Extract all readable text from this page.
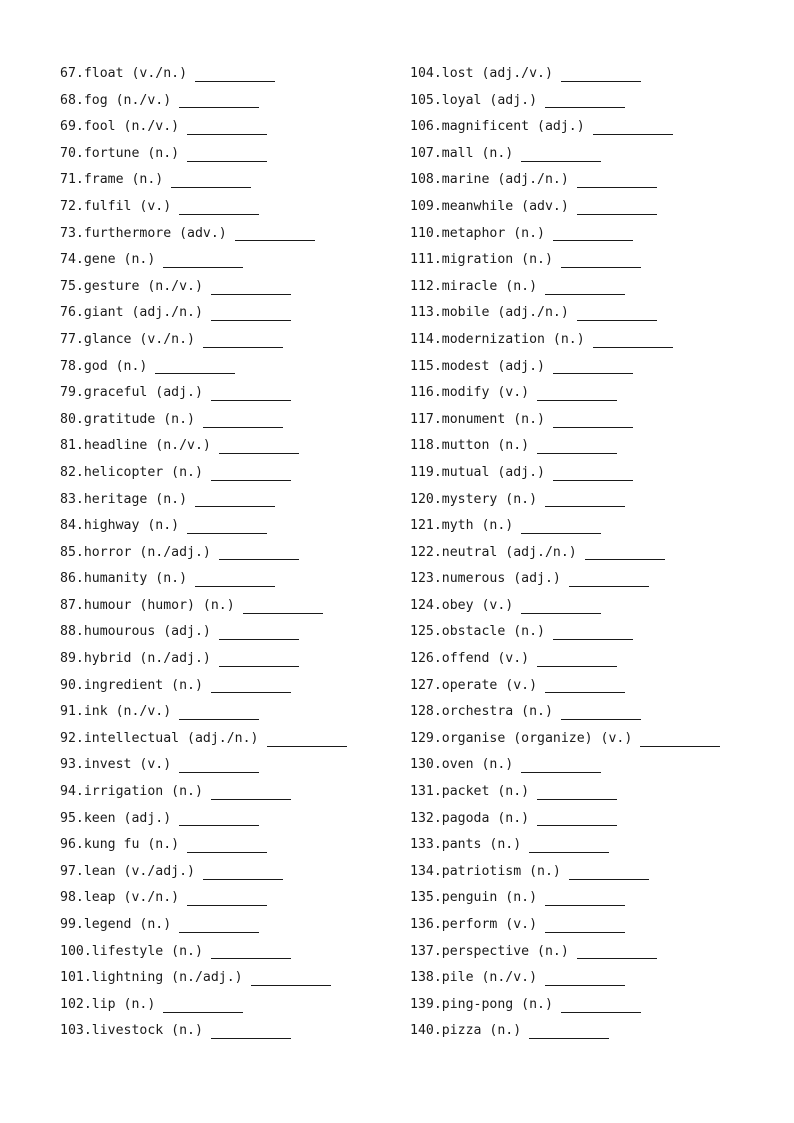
67. float (v./n.)
68. fog (n./v.)
69. fool (n./v.)
70. fortune (n.)
71. frame (n.)
72. fulfil (v.)
73. furthermore (adv.)
74. gene (n.)
75. gesture (n./v.)
76. giant (adj./n.)
77. glance (v./n.)
78. god (n.)
79. graceful (adj.)
80. gratitude (n.)
81. headline (n./v.)
82. helicopter (n.)
83. heritage (n.)
84. highway (n.)
85. horror (n./adj.)
86. humanity (n.)
87. humour (humor) (n.)
88. humourous (adj.)
89. hybrid (n./adj.)
90. ingredient (n.)
91. ink (n./v.)
92. intellectual (adj./n.)
93. invest (v.)
94. irrigation (n.)
95. keen (adj.)
96. kung fu (n.)
97. lean (v./adj.)
98. leap (v./n.)
99. legend (n.)
100. lifestyle (n.)
101. lightning (n./adj.)
102. lip (n.)
103. livestock (n.)
104. lost (adj./v.)
105. loyal (adj.)
106. magnificent (adj.)
107. mall (n.)
108. marine (adj./n.)
109. meanwhile (adv.)
110. metaphor (n.)
111. migration (n.)
112. miracle (n.)
113. mobile (adj./n.)
114. modernization (n.)
115. modest (adj.)
116. modify (v.)
117. monument (n.)
118. mutton (n.)
119. mutual (adj.)
120. mystery (n.)
121. myth (n.)
122. neutral (adj./n.)
123. numerous (adj.)
124. obey (v.)
125. obstacle (n.)
126. offend (v.)
127. operate (v.)
128. orchestra (n.)
129. organise (organize) (v.)
130. oven (n.)
131. packet (n.)
132. pagoda (n.)
133. pants (n.)
134. patriotism (n.)
135. penguin (n.)
136. perform (v.)
137. perspective (n.)
138. pile (n./v.)
139. ping-pong (n.)
140. pizza (n.)
